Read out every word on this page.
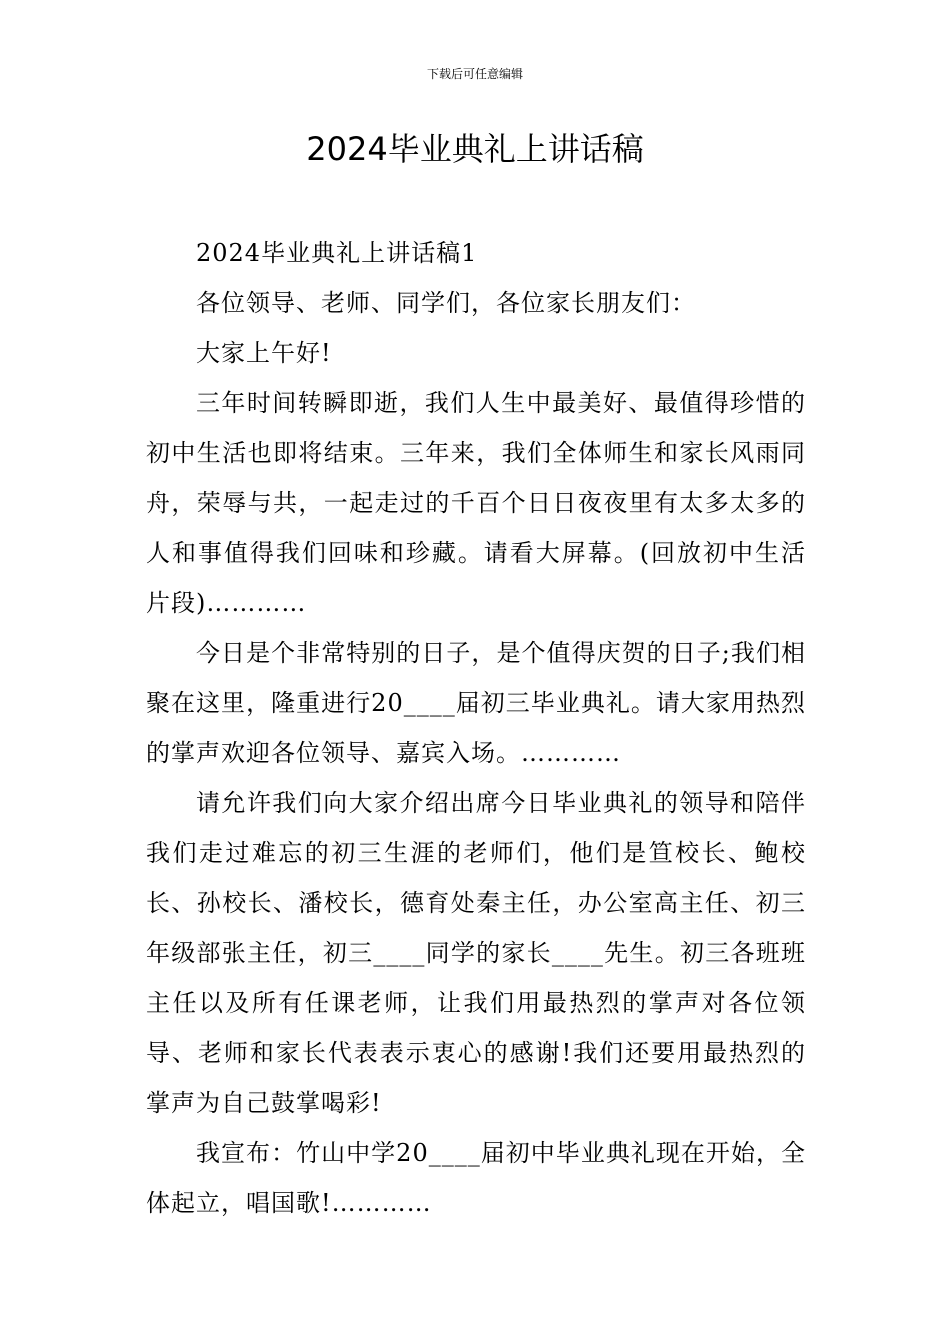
下载后可任意编辑
2024毕业典礼上讲话稿

2024毕业典礼上讲话稿1

各位领导、老师、同学们，各位家长朋友们：

大家上午好!

三年时间转瞬即逝，我们人生中最美好、最值得珍惜的初中生活也即将结束。三年来，我们全体师生和家长风雨同舟，荣辱与共，一起走过的千百个日日夜夜里有太多太多的人和事值得我们回味和珍藏。请看大屏幕。(回放初中生活片段)…………

今日是个非常特别的日子，是个值得庆贺的日子;我们相聚在这里，隆重进行20____届初三毕业典礼。请大家用热烈的掌声欢迎各位领导、嘉宾入场。…………

请允许我们向大家介绍出席今日毕业典礼的领导和陪伴我们走过难忘的初三生涯的老师们，他们是笪校长、鲍校长、孙校长、潘校长，德育处秦主任，办公室高主任、初三年级部张主任，初三____同学的家长____先生。初三各班班主任以及所有任课老师，让我们用最热烈的掌声对各位领导、老师和家长代表表示衷心的感谢!我们还要用最热烈的掌声为自己鼓掌喝彩!

我宣布：竹山中学20____届初中毕业典礼现在开始，全体起立，唱国歌!…………
